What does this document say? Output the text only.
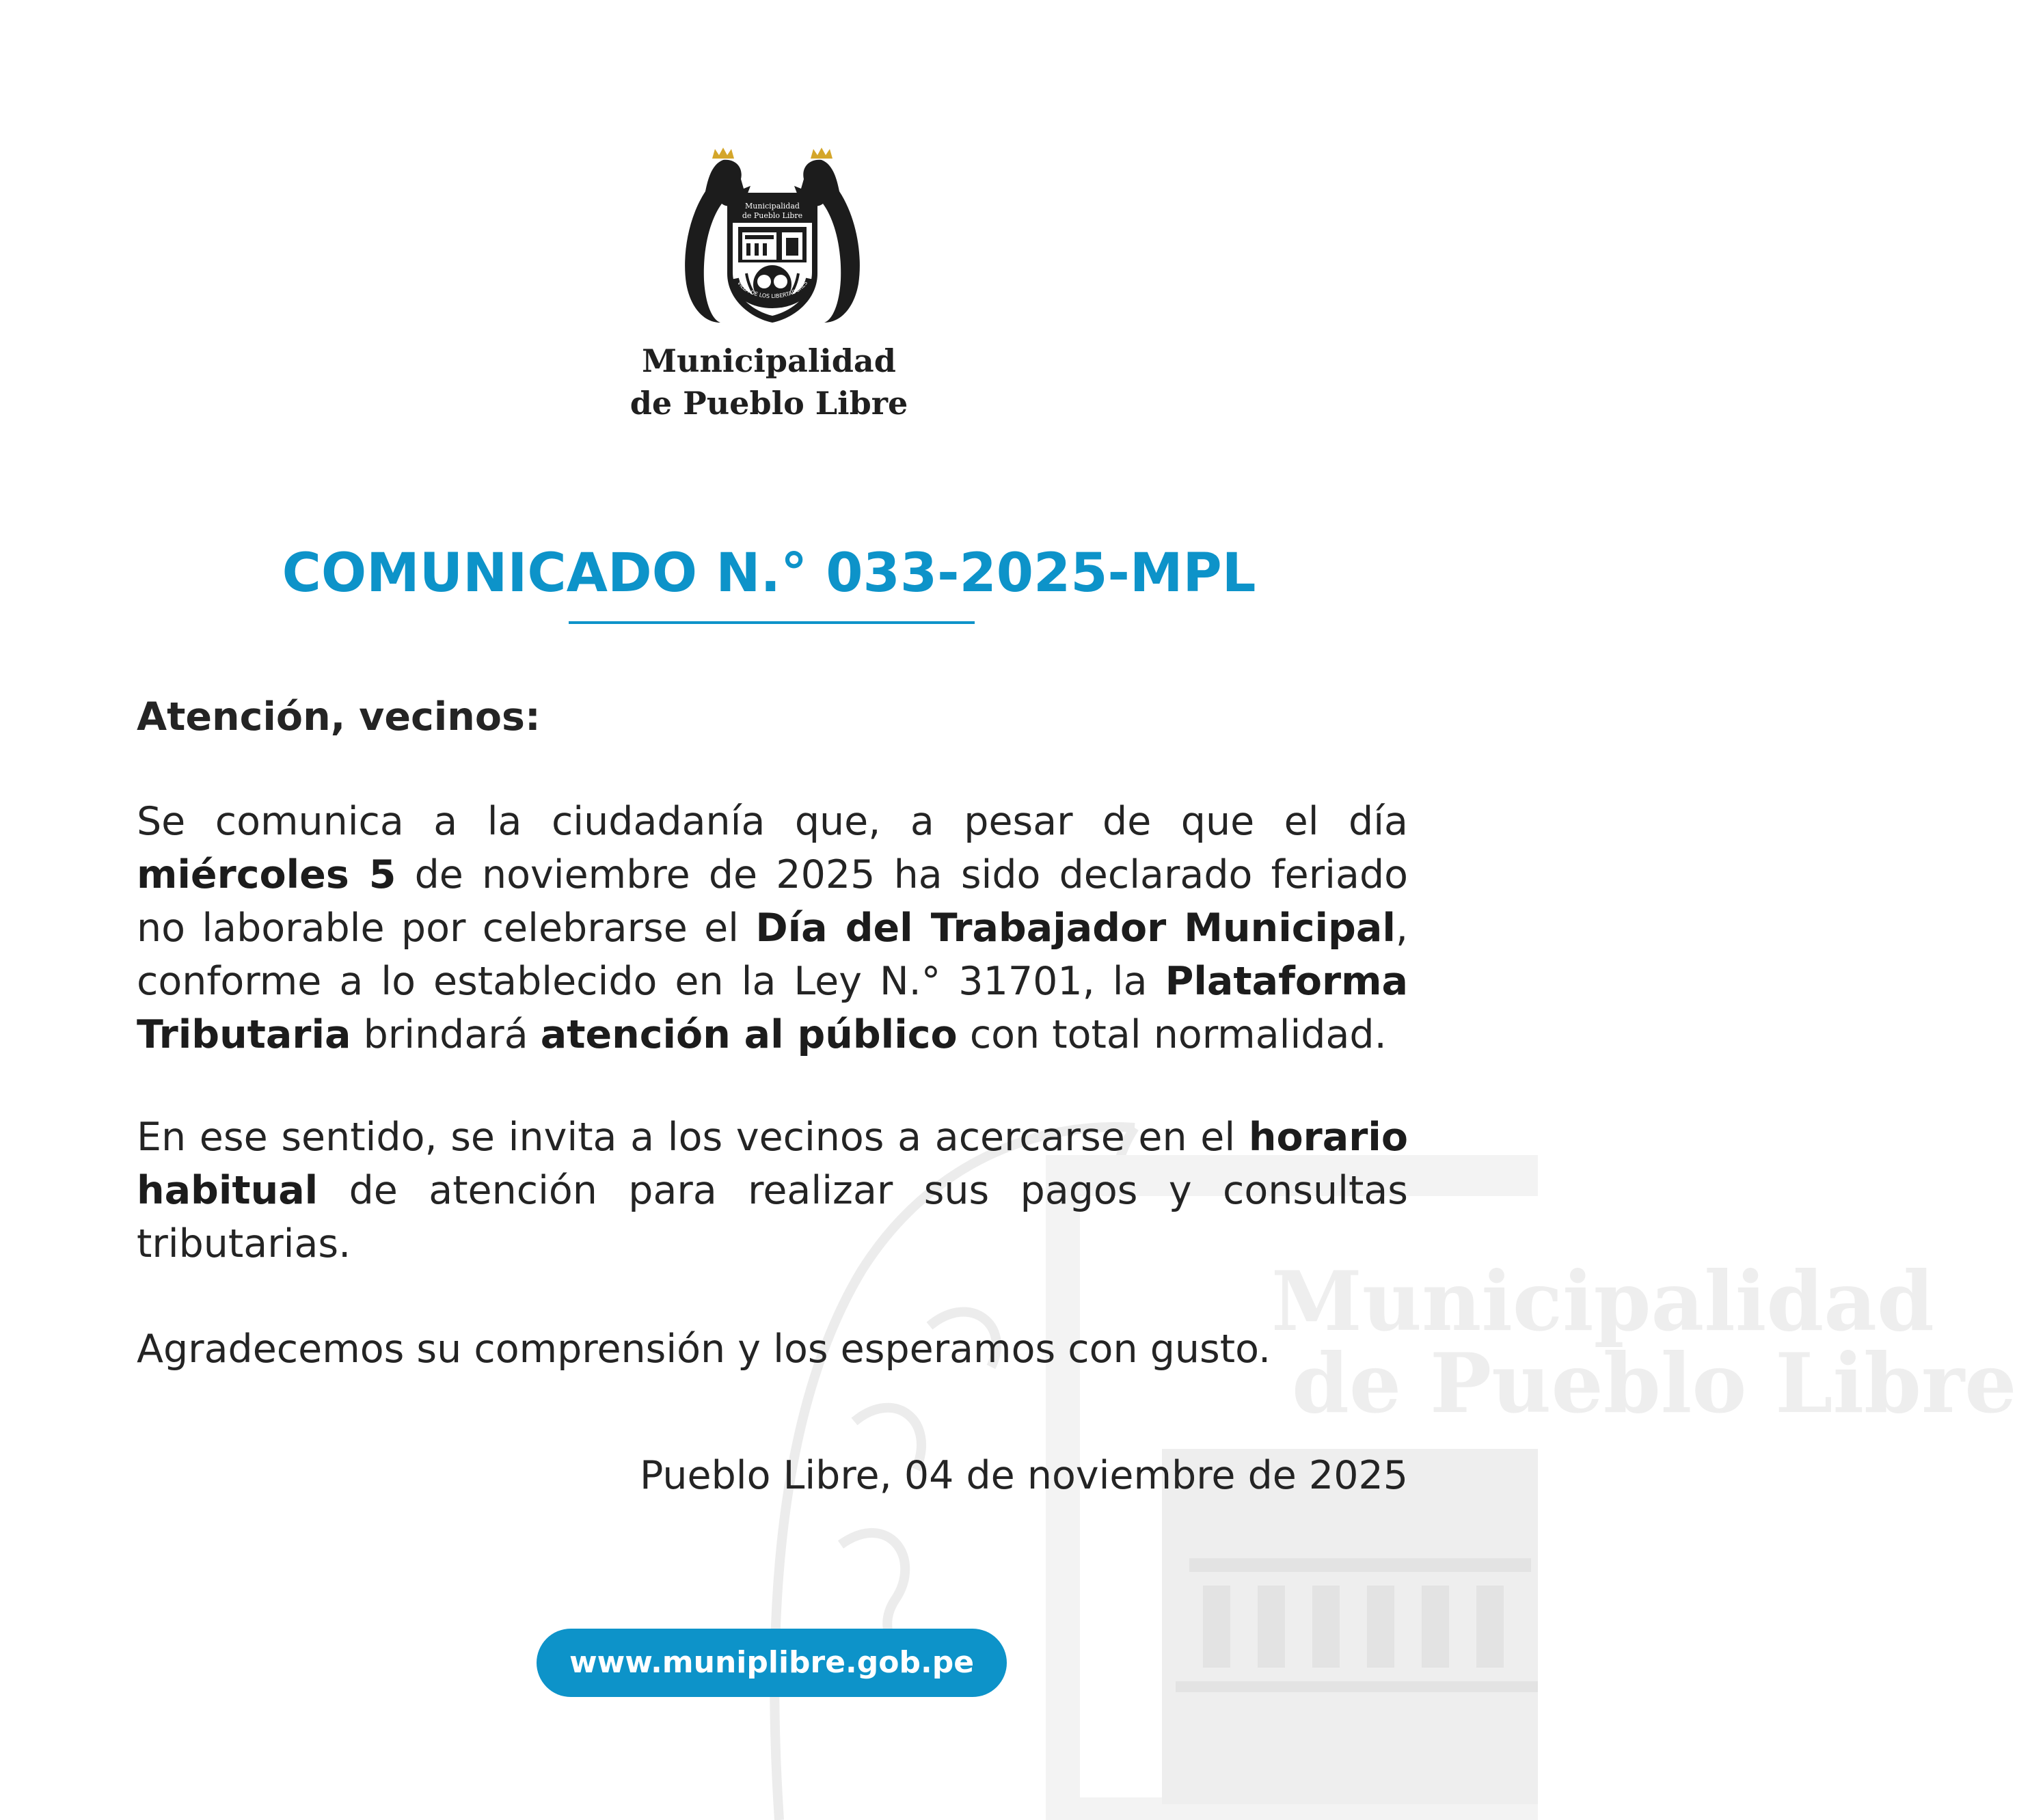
Municipalidad
de Pueblo Libre
Municipalidad
de Pueblo Libre
VILLA DE LOS LIBERTADORES
Municipalidad
de Pueblo Libre
COMUNICADO N.° 033-2025-MPL
Atención, vecinos:
Se comunica a la ciudadanía que, a pesar de que el día miércoles 5 de noviembre de 2025 ha sido declarado feriado no laborable por celebrarse el Día del Trabajador Municipal, conforme a lo establecido en la Ley N.° 31701, la Plataforma Tributaria brindará atención al público con total normalidad.
En ese sentido, se invita a los vecinos a acercarse en el horario habitual de atención para realizar sus pagos y consultas tributarias.
Agradecemos su comprensión y los esperamos con gusto.
Pueblo Libre, 04 de noviembre de 2025
www.muniplibre.gob.pe
